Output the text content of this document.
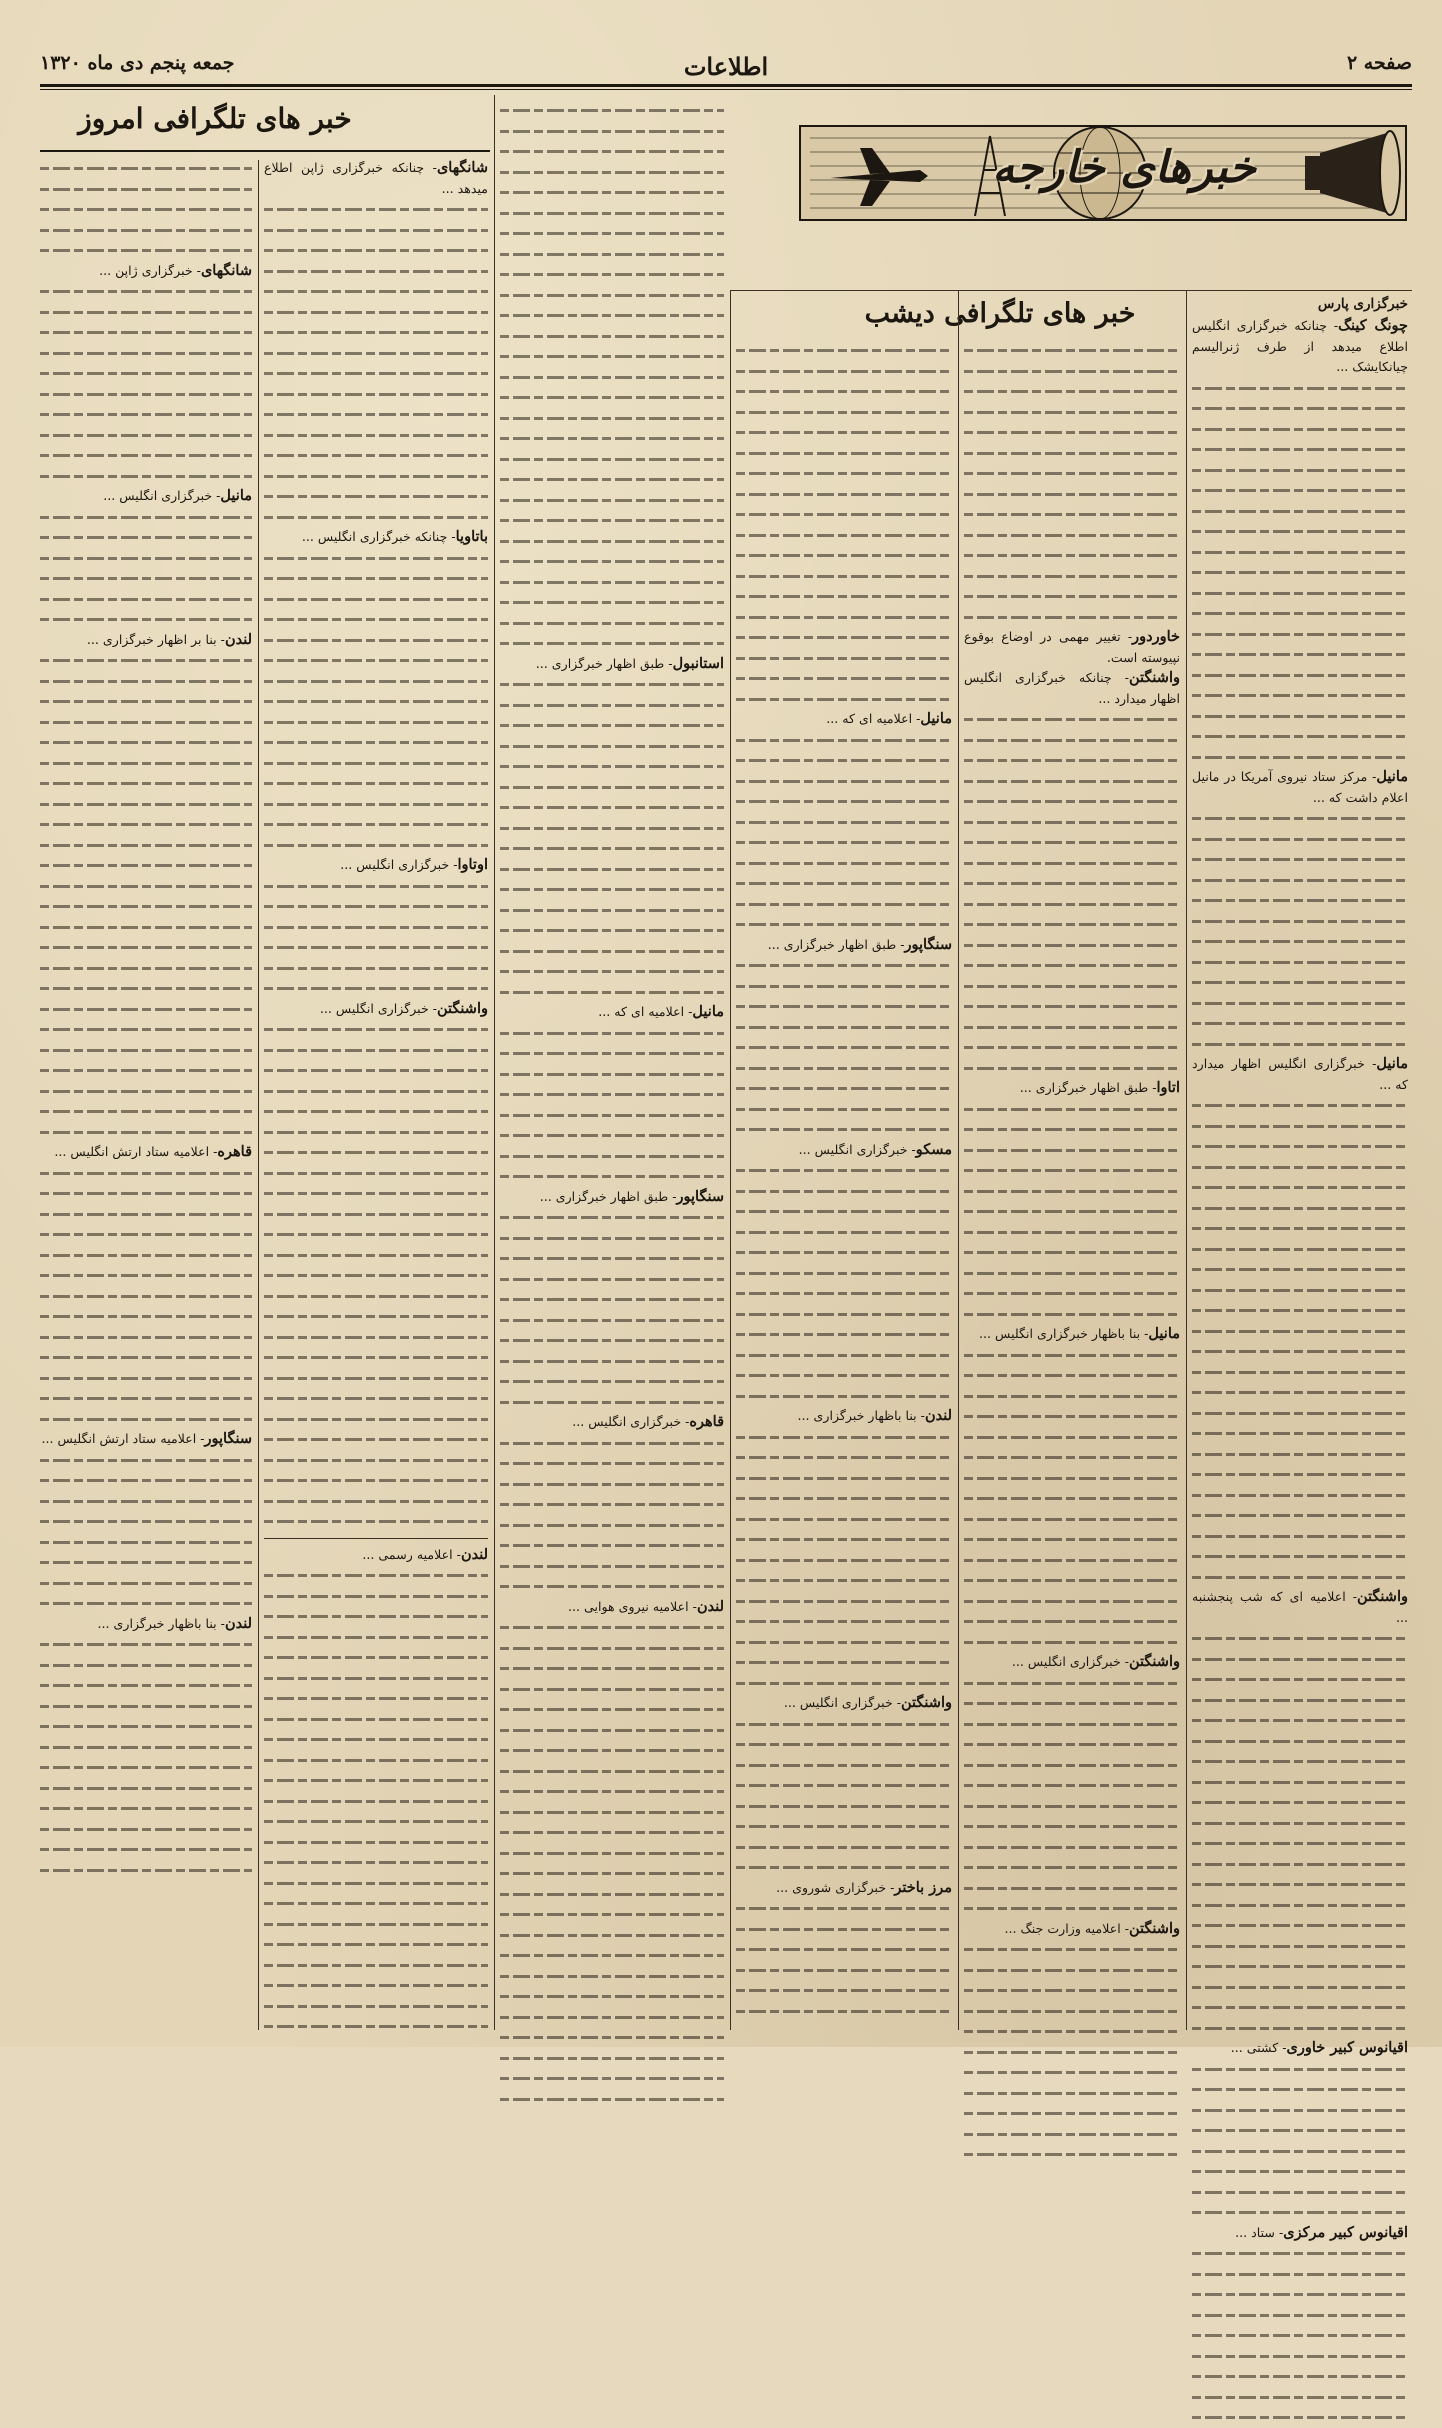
صفحه ۲
اطلاعات
جمعه پنجم دی ماه ۱۳۲۰
خبرهای خارجه
خبر های تلگرافی امروز
خبر های تلگرافی دیشب	خبرگزاری پارس

چونگ کینگ- چنانکه خبرگزاری انگلیس اطلاع میدهد از طرف ژنرالیسم چیانکایشک ...

مانیل- مرکز ستاد نیروی آمریکا در مانیل اعلام داشت که ...

مانیل- خبرگزاری انگلیس اظهار میدارد که ...

واشنگتن- اعلامیه ای که شب پنجشنبه ...

اقیانوس کبیر خاوری- کشتی ...

اقیانوس کبیر مرکزی- ستاد ...

خاوردور- تغییر مهمی در اوضاع بوقوع نپیوسته است.

واشنگتن- چنانکه خبرگزاری انگلیس اظهار میدارد ...

اتاوا- طبق اظهار خبرگزاری ...

مانیل- بنا باظهار خبرگزاری انگلیس ...

واشنگتن- خبرگزاری انگلیس ...

واشنگتن- اعلامیه وزارت جنگ ...

مانیل- اعلامیه ای که ...

سنگاپور- طبق اظهار خبرگزاری ...

مسکو- خبرگزاری انگلیس ...

لندن- بنا باظهار خبرگزاری ...

واشنگتن- خبرگزاری انگلیس ...

مرز باختر- خبرگزاری شوروی ...

استانبول- طبق اظهار خبرگزاری ...

مانیل- اعلامیه ای که ...

سنگاپور- طبق اظهار خبرگزاری ...

قاهره- خبرگزاری انگلیس ...

لندن- اعلامیه نیروی هوایی ...

شانگهای- چنانکه خبرگزاری ژاپن اطلاع میدهد ...

باتاویا- چنانکه خبرگزاری انگلیس ...

اوتاوا- خبرگزاری انگلیس ...

واشنگتن- خبرگزاری انگلیس ...

لندن- اعلامیه رسمی ...

شانگهای- خبرگزاری ژاپن ...

مانیل- خبرگزاری انگلیس ...

لندن- بنا بر اظهار خبرگزاری ...

قاهره- اعلامیه ستاد ارتش انگلیس ...

سنگاپور- اعلامیه ستاد ارتش انگلیس ...

لندن- بنا باظهار خبرگزاری ...
